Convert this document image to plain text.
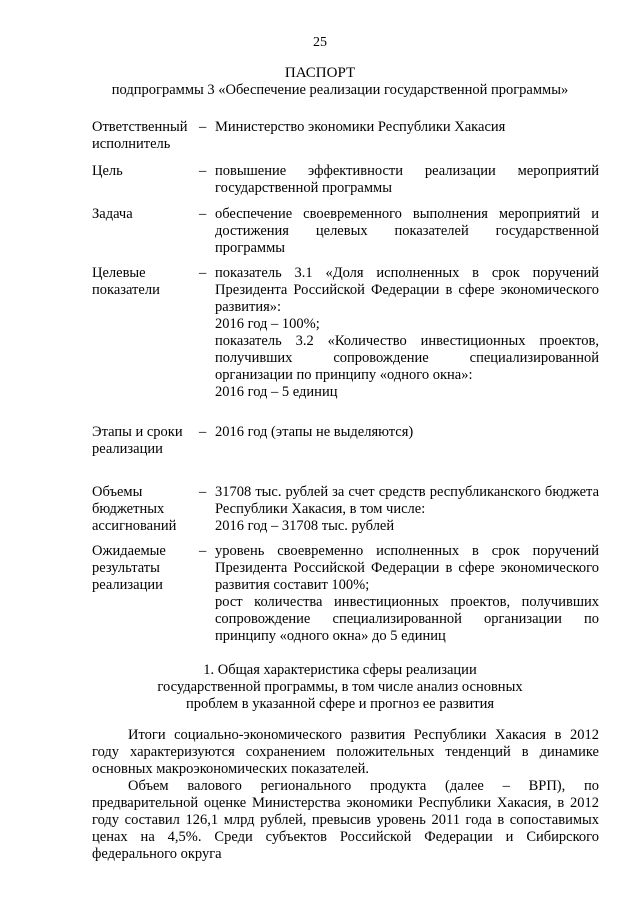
25
ПАСПОРТ
подпрограммы 3 «Обеспечение реализации государственной программы»
Ответственный исполнитель
– Министерство экономики Республики Хакасия

Цель	– повышение эффективности реализации мероприятий государственной программы

Задача	– обеспечение своевременного выполнения мероприятий и достижения целевых показателей государственной программы

Целевые показатели
– показатель 3.1 «Доля исполненных в срок поручений Президента Российской Федерации в сфере экономического развития»:

2016 год – 100%;

показатель 3.2 «Количество инвестиционных проектов, получивших сопровождение специализированной организации по принципу «одного окна»:

2016 год – 5 единиц

Этапы и сроки реализации
– 2016 год (этапы не выделяются)

Объемы бюджетных ассигнований
– 31708 тыс. рублей за счет средств республиканского бюджета Республики Хакасия, в том числе:

2016 год – 31708 тыс. рублей

Ожидаемые результаты реализации
– уровень своевременно исполненных в срок поручений Президента Российской Федерации в сфере экономического развития составит 100%;

рост количества инвестиционных проектов, получивших сопровождение специализированной организации по принципу «одного окна» до 5 единиц

1. Общая характеристика сферы реализации

государственной программы, в том числе анализ основных

проблем в указанной сфере и прогноз ее развития

Итоги социально-экономического развития Республики Хакасия в 2012 году характеризуются сохранением положительных тенденций в динамике основных макроэкономических показателей.

Объем валового регионального продукта (далее – ВРП), по предварительной оценке Министерства экономики Республики Хакасия, в 2012 году составил 126,1 млрд рублей, превысив уровень 2011 года в сопоставимых ценах на 4,5%. Среди субъектов Российской Федерации и Сибирского федерального округа
